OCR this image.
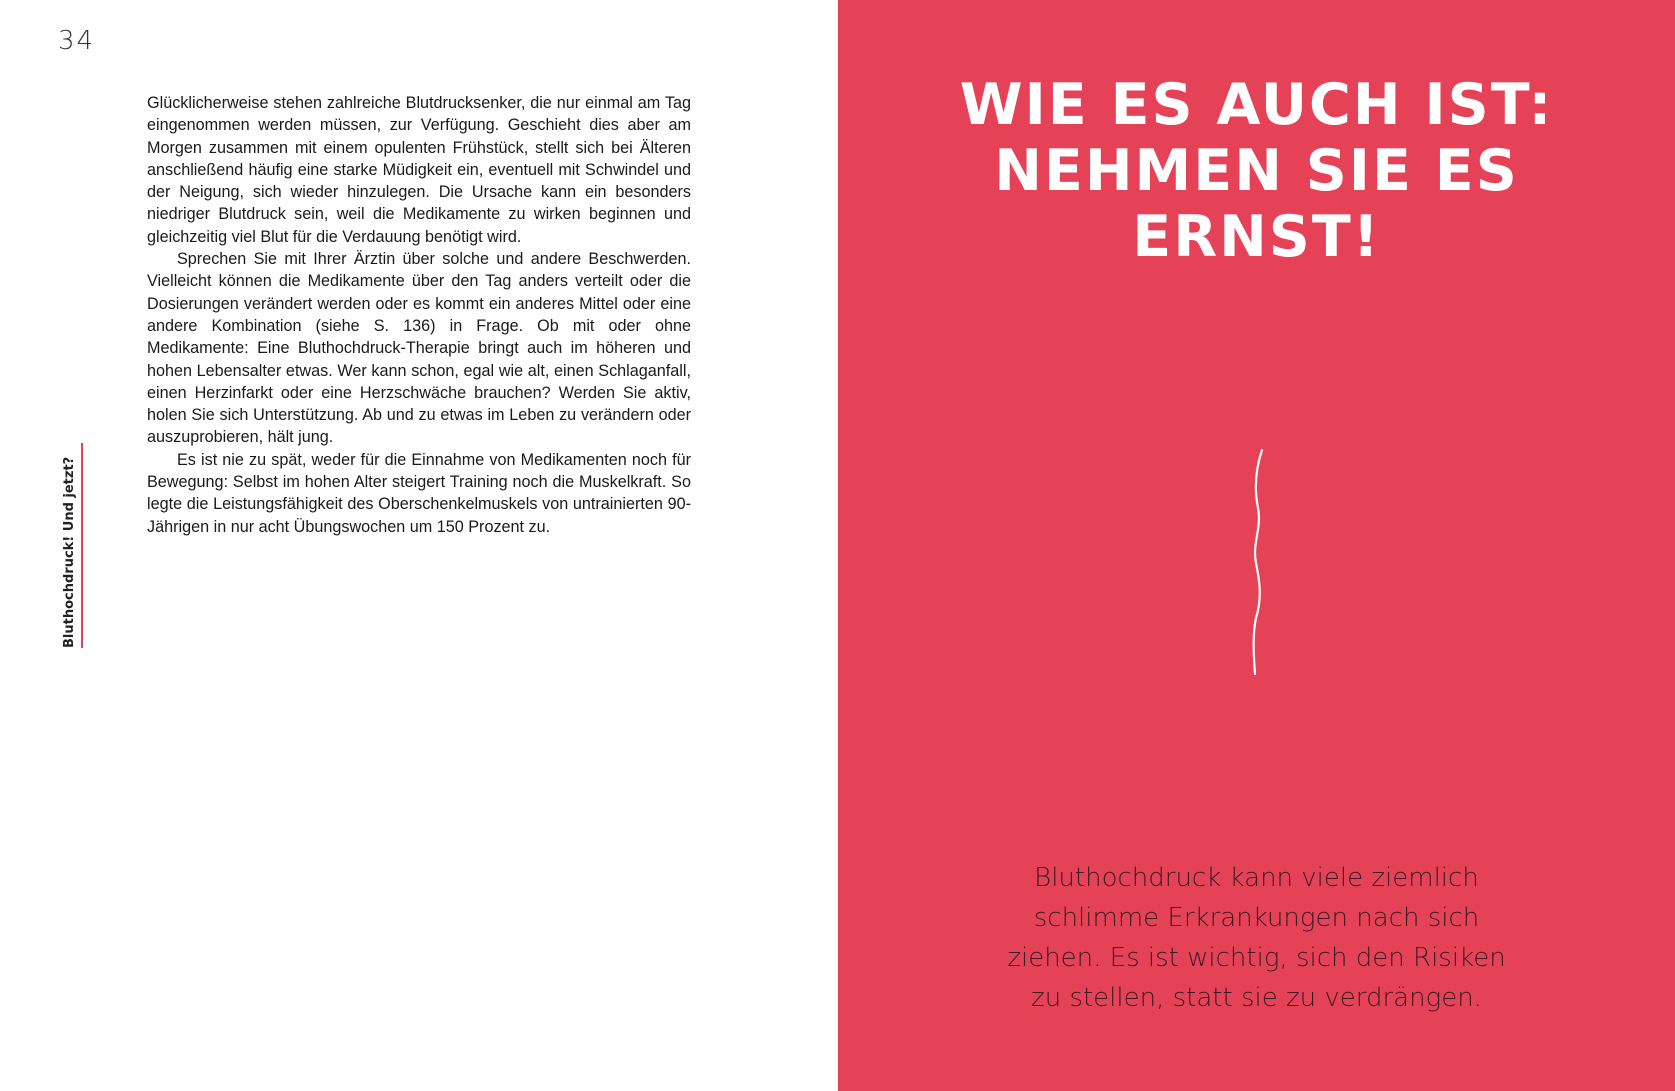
34
Bluthochdruck! Und jetzt?

Glücklicherweise stehen zahlreiche Blutdrucksenker, die nur einmal am Tag eingenommen werden müssen, zur Verfügung. Geschieht dies aber am Morgen zusammen mit einem opulenten Frühstück, stellt sich bei Älteren anschließend häufig eine starke Müdigkeit ein, eventuell mit Schwindel und der Neigung, sich wieder hinzulegen. Die Ursache kann ein besonders niedriger Blutdruck sein, weil die Medikamente zu wirken beginnen und gleichzeitig viel Blut für die Verdauung benötigt wird.

Sprechen Sie mit Ihrer Ärztin über solche und andere Beschwerden. Vielleicht können die Medikamente über den Tag anders verteilt oder die Dosierungen verändert werden oder es kommt ein anderes Mittel oder eine andere Kombination (siehe S. 136) in Frage. Ob mit oder ohne Medikamente: Eine Bluthochdruck-Therapie bringt auch im höheren und hohen Lebensalter etwas. Wer kann schon, egal wie alt, einen Schlaganfall, einen Herzinfarkt oder eine Herzschwäche brauchen? Werden Sie aktiv, holen Sie sich Unterstützung. Ab und zu etwas im Leben zu verändern oder auszuprobieren, hält jung.

Es ist nie zu spät, weder für die Einnahme von Medikamenten noch für Bewegung: Selbst im hohen Alter steigert Training noch die Muskelkraft. So legte die Leistungsfähigkeit des Oberschenkelmuskels von untrainierten 90-Jährigen in nur acht Übungswochen um 150 Prozent zu.

WIE ES AUCH IST:
NEHMEN SIE ES
ERNST!
Bluthochdruck kann viele ziemlich
schlimme Erkrankungen nach sich
ziehen. Es ist wichtig, sich den Risiken
zu stellen, statt sie zu verdrängen.
